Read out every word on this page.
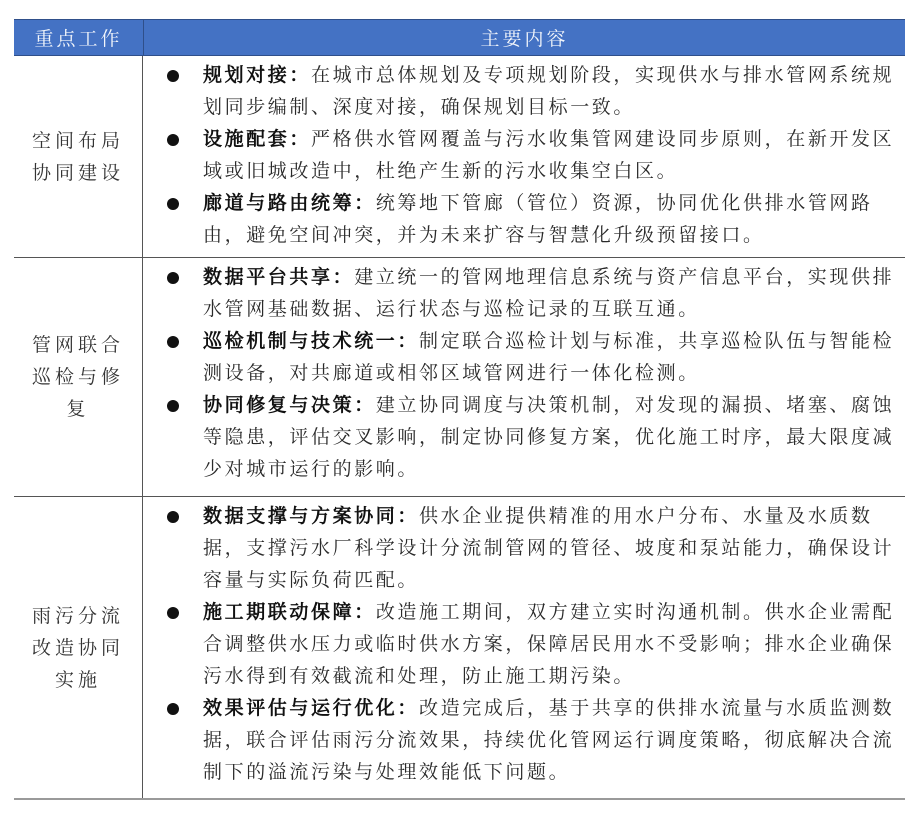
重点工作	主要内容
空间布局协同建设
规划对接：在城市总体规划及专项规划阶段，实现供水与排水管网系统规划同步编制、深度对接，确保规划目标一致。
设施配套：严格供水管网覆盖与污水收集管网建设同步原则，在新开发区域或旧城改造中，杜绝产生新的污水收集空白区。
廊道与路由统筹：统筹地下管廊（管位）资源，协同优化供排水管网路由，避免空间冲突，并为未来扩容与智慧化升级预留接口。
管网联合巡检与修复
数据平台共享：建立统一的管网地理信息系统与资产信息平台，实现供排水管网基础数据、运行状态与巡检记录的互联互通。
巡检机制与技术统一：制定联合巡检计划与标准，共享巡检队伍与智能检测设备，对共廊道或相邻区域管网进行一体化检测。
协同修复与决策：建立协同调度与决策机制，对发现的漏损、堵塞、腐蚀等隐患，评估交叉影响，制定协同修复方案，优化施工时序，最大限度减少对城市运行的影响。
雨污分流改造协同实施
数据支撑与方案协同：供水企业提供精准的用水户分布、水量及水质数据，支撑污水厂科学设计分流制管网的管径、坡度和泵站能力，确保设计容量与实际负荷匹配。
施工期联动保障：改造施工期间，双方建立实时沟通机制。供水企业需配合调整供水压力或临时供水方案，保障居民用水不受影响；排水企业确保污水得到有效截流和处理，防止施工期污染。
效果评估与运行优化：改造完成后，基于共享的供排水流量与水质监测数据，联合评估雨污分流效果，持续优化管网运行调度策略，彻底解决合流制下的溢流污染与处理效能低下问题。
